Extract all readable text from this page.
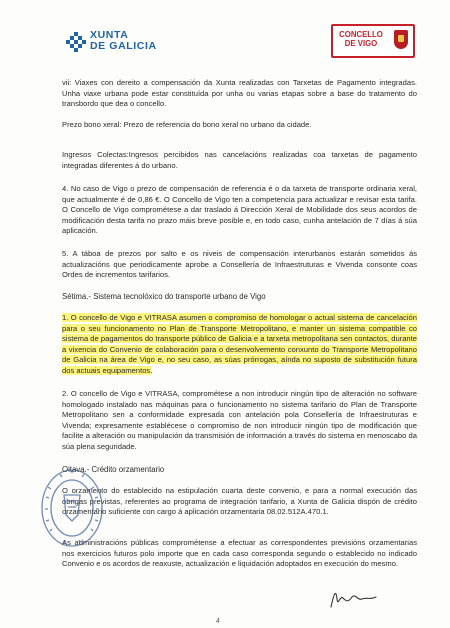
XUNTA
DE GALICIA
CONCELLO
DE VIGO

vii: Viaxes con dereito a compensación da Xunta realizadas con Tarxetas de Pagamento integradas. Unha viaxe urbana pode estar constituída por unha ou varias etapas sobre a base do tratamento do transbordo que dea o concello.

Prezo bono xeral: Prezo de referencia do bono xeral no urbano da cidade.

Ingresos Colectas:Ingresos percibidos nas cancelacións realizadas coa tarxetas de pagamento integradas diferentes á do urbano.

4. No caso de Vigo o prezo de compensación de referencia é o da tarxeta de transporte ordinaria xeral, que actualmente é de 0,86 €. O Concello de Vigo ten a competencia para actualizar e revisar esta tarifa. O Concello de Vigo comprométese a dar traslado á Dirección Xeral de Mobilidade dos seus acordos de modificación desta tarifa no prazo máis breve posible e, en todo caso, cunha antelación de 7 días á súa aplicación.

5. A táboa de prezos por salto e os niveis de compensación interurbanos estarán sometidos ás actualizacións que periodicamente aprobe a Consellería de Infraestruturas e Vivenda consonte coas Ordes de incrementos tarifarios.

Sétima.- Sistema tecnolóxico do transporte urbano de Vigo

1. O concello de Vigo e VITRASA asumen o compromiso de homologar o actual sistema de cancelación para o seu funcionamento no Plan de Transporte Metropolitano, e manter un sistema compatible co sistema de pagamentos do transporte público de Galicia e a tarxeta metropolitana sen contactos, durante a vixencia do Convenio de colaboración para o desenvolvemento conxunto do Transporte Metropolitano de Galicia na área de Vigo e, no seu caso, as súas prórrogas, aínda no suposto de substitución futura dos actuais equipamentos.

2. O concello de Vigo e VITRASA, comprométese a non introducir ningún tipo de alteración no software homologado instalado nas máquinas para o funcionamento no sistema tarifario do Plan de Transporte Metropolitano sen a conformidade expresada con antelación pola Consellería de Infraestruturas e Vivenda; expresamente establécese o compromiso de non introducir ningún tipo de modificación que facilite a alteración ou manipulación da transmisión de información a través do sistema en menoscabo da súa plena seguridade.

Oitava.- Crédito orzamentario

O orzamento do establecido na estipulación cuarta deste convenio, e para a normal execución das obrigas previstas, referentes ao programa de integración tarifario, a Xunta de Galicia dispón de crédito orzamentario suficiente con cargo á aplicación orzamentaria 08.02.512A.470.1.

As administracións públicas comprométense a efectuar as correspondentes previsións orzamentarias nos exercicios futuros polo importe que en cada caso corresponda segundo o establecido no indicado Convenio e os acordos de reaxuste, actualización e liquidación adoptados en execución do mesmo.

4
